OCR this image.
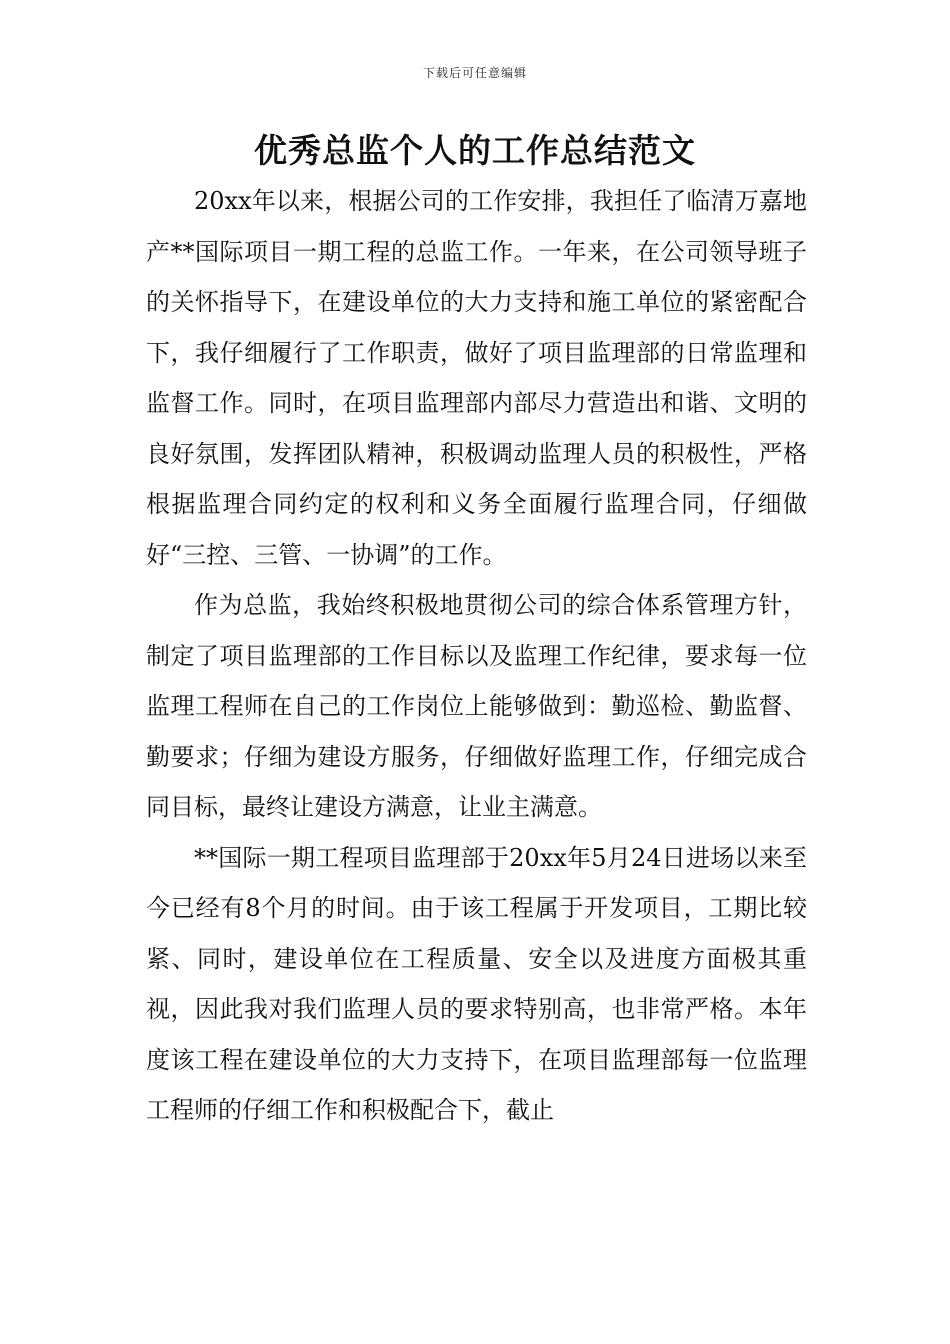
下载后可任意编辑
优秀总监个人的工作总结范文

20xx年以来，根据公司的工作安排，我担任了临清万嘉地产**国际项目一期工程的总监工作。一年来，在公司领导班子的关怀指导下，在建设单位的大力支持和施工单位的紧密配合下，我仔细履行了工作职责，做好了项目监理部的日常监理和监督工作。同时，在项目监理部内部尽力营造出和谐、文明的良好氛围，发挥团队精神，积极调动监理人员的积极性，严格根据监理合同约定的权利和义务全面履行监理合同，仔细做好“三控、三管、一协调”的工作。

作为总监，我始终积极地贯彻公司的综合体系管理方针，制定了项目监理部的工作目标以及监理工作纪律，要求每一位监理工程师在自己的工作岗位上能够做到：勤巡检、勤监督、勤要求；仔细为建设方服务，仔细做好监理工作，仔细完成合同目标，最终让建设方满意，让业主满意。

**国际一期工程项目监理部于20xx年5月24日进场以来至今已经有8个月的时间。由于该工程属于开发项目，工期比较紧、同时，建设单位在工程质量、安全以及进度方面极其重视，因此我对我们监理人员的要求特别高，也非常严格。本年度该工程在建设单位的大力支持下，在项目监理部每一位监理工程师的仔细工作和积极配合下，截止
